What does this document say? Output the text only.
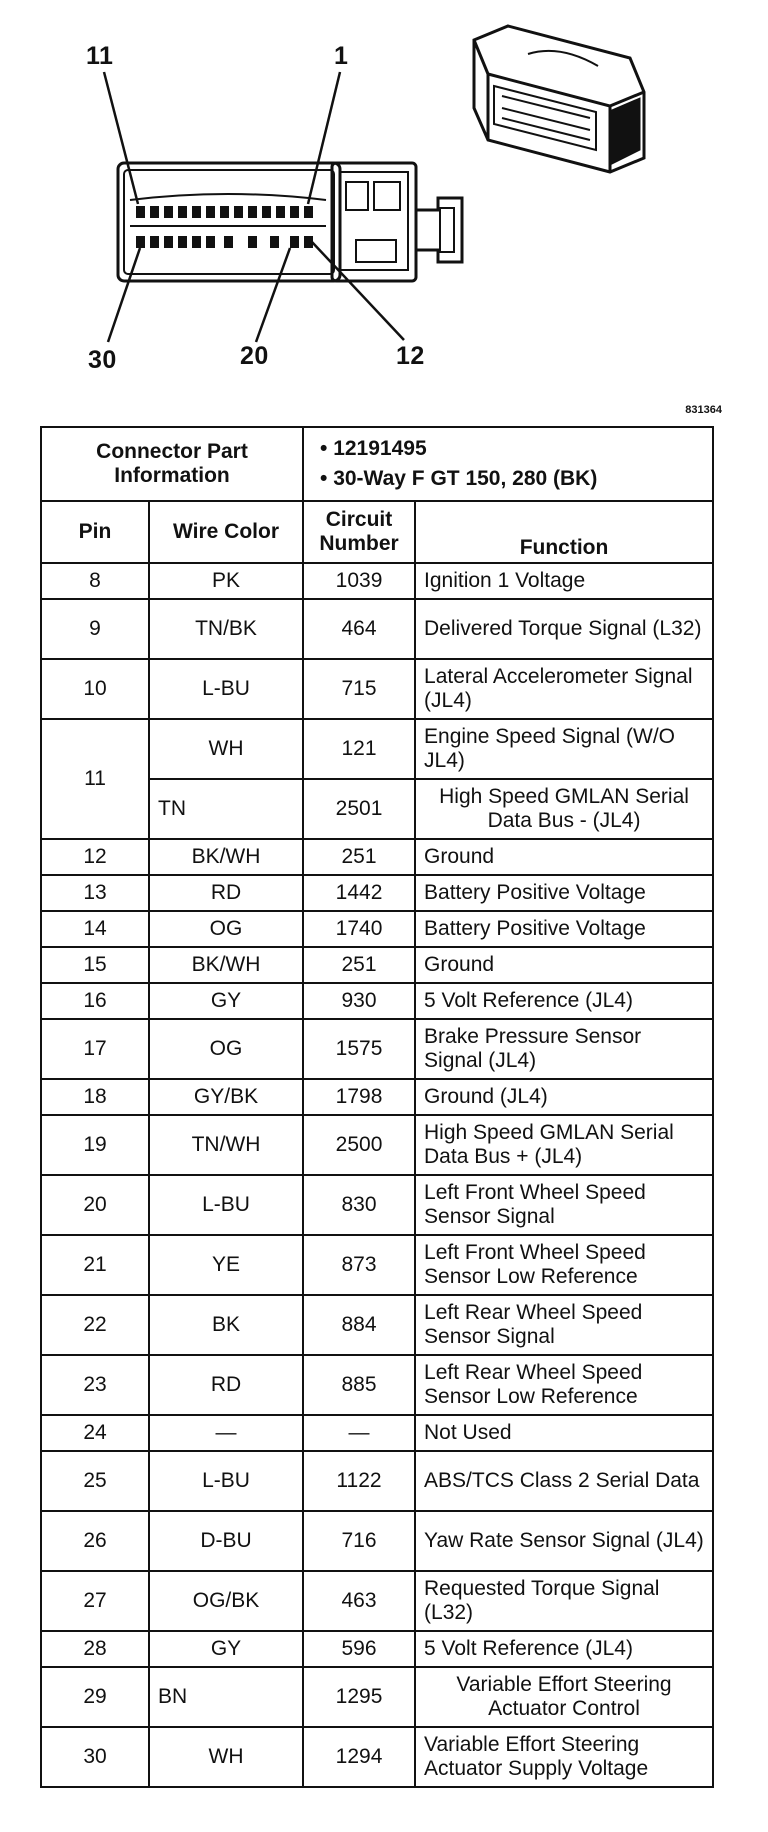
11	1
30	20	12
831364
Connector Part Information		• 12191495
• 30-Way F GT 150, 280 (BK)	

Pin	Wire Color	Circuit Number	Function
8	PK	1039	Ignition 1 Voltage
9	TN/BK	464	Delivered Torque Signal (L32)
10	L-BU	715	Lateral Accelerometer Signal (JL4)
11	WH	121	Engine Speed Signal (W/O JL4)
	TN	2501	High Speed GMLAN Serial Data Bus - (JL4)
12	BK/WH	251	Ground
13	RD	1442	Battery Positive Voltage
14	OG	1740	Battery Positive Voltage
15	BK/WH	251	Ground
16	GY	930	5 Volt Reference (JL4)
17	OG	1575	Brake Pressure Sensor Signal (JL4)
18	GY/BK	1798	Ground (JL4)
19	TN/WH	2500	High Speed GMLAN Serial Data Bus + (JL4)
20	L-BU	830	Left Front Wheel Speed Sensor Signal
21	YE	873	Left Front Wheel Speed Sensor Low Reference
22	BK	884	Left Rear Wheel Speed Sensor Signal
23	RD	885	Left Rear Wheel Speed Sensor Low Reference
24	—	—	Not Used
25	L-BU	1122	ABS/TCS Class 2 Serial Data
26	D-BU	716	Yaw Rate Sensor Signal (JL4)
27	OG/BK	463	Requested Torque Signal (L32)
28	GY	596	5 Volt Reference (JL4)
29	BN	1295	Variable Effort Steering Actuator Control
30	WH	1294	Variable Effort Steering Actuator Supply Voltage
